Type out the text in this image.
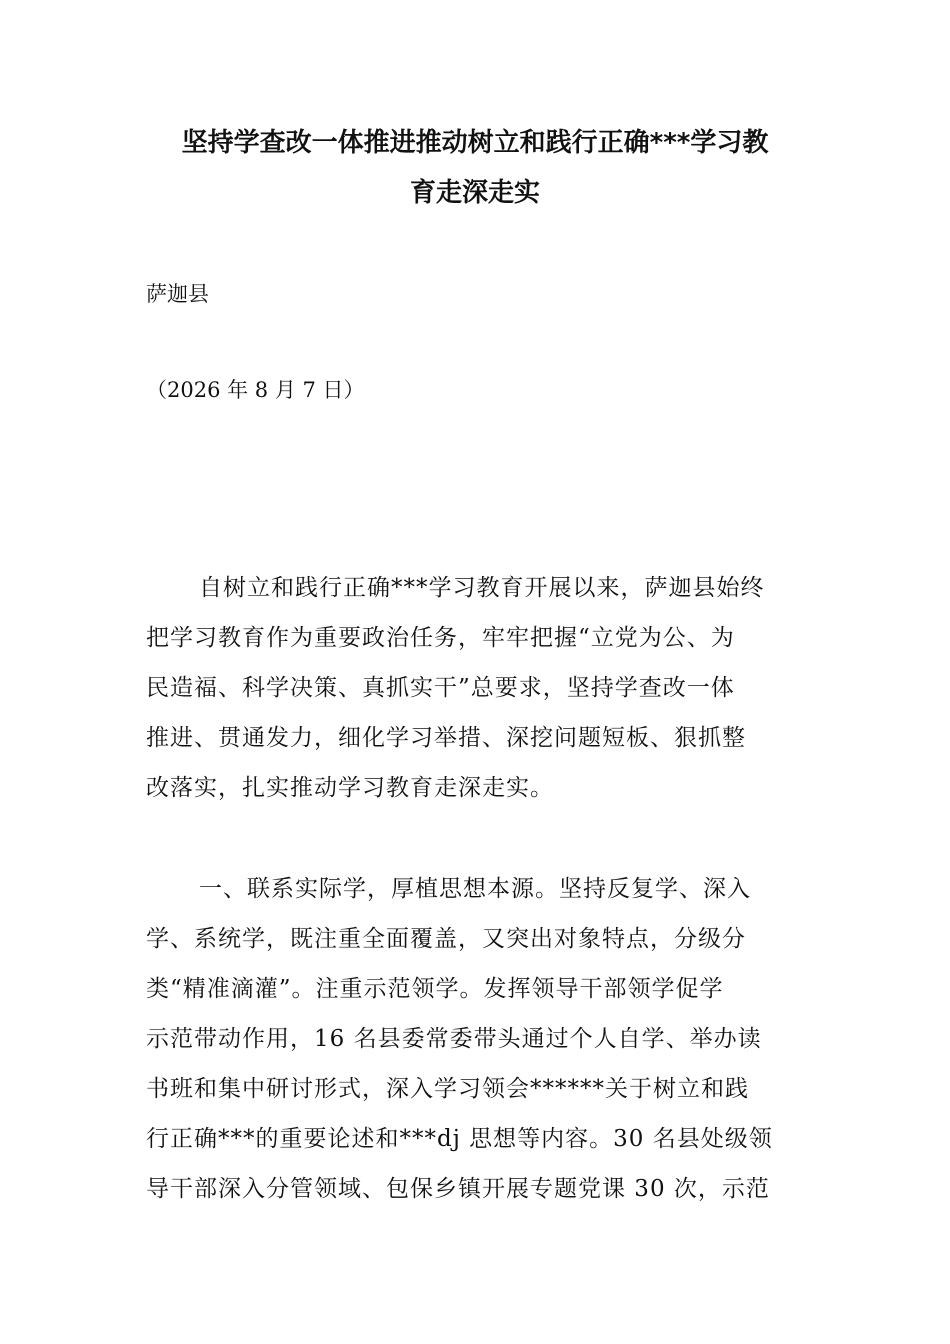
坚持学查改一体推进推动树立和践行正确***学习教
育走深走实
萨迦县
（2026 年 8 月 7 日）
自树立和践行正确***学习教育开展以来，萨迦县始终
把学习教育作为重要政治任务，牢牢把握“立党为公、为
民造福、科学决策、真抓实干”总要求，坚持学查改一体
推进、贯通发力，细化学习举措、深挖问题短板、狠抓整
改落实，扎实推动学习教育走深走实。
一、联系实际学，厚植思想本源。坚持反复学、深入
学、系统学，既注重全面覆盖，又突出对象特点，分级分
类“精准滴灌”。注重示范领学。发挥领导干部领学促学
示范带动作用，16 名县委常委带头通过个人自学、举办读
书班和集中研讨形式，深入学习领会******关于树立和践
行正确***的重要论述和***dj 思想等内容。30 名县处级领
导干部深入分管领域、包保乡镇开展专题党课 30 次，示范
